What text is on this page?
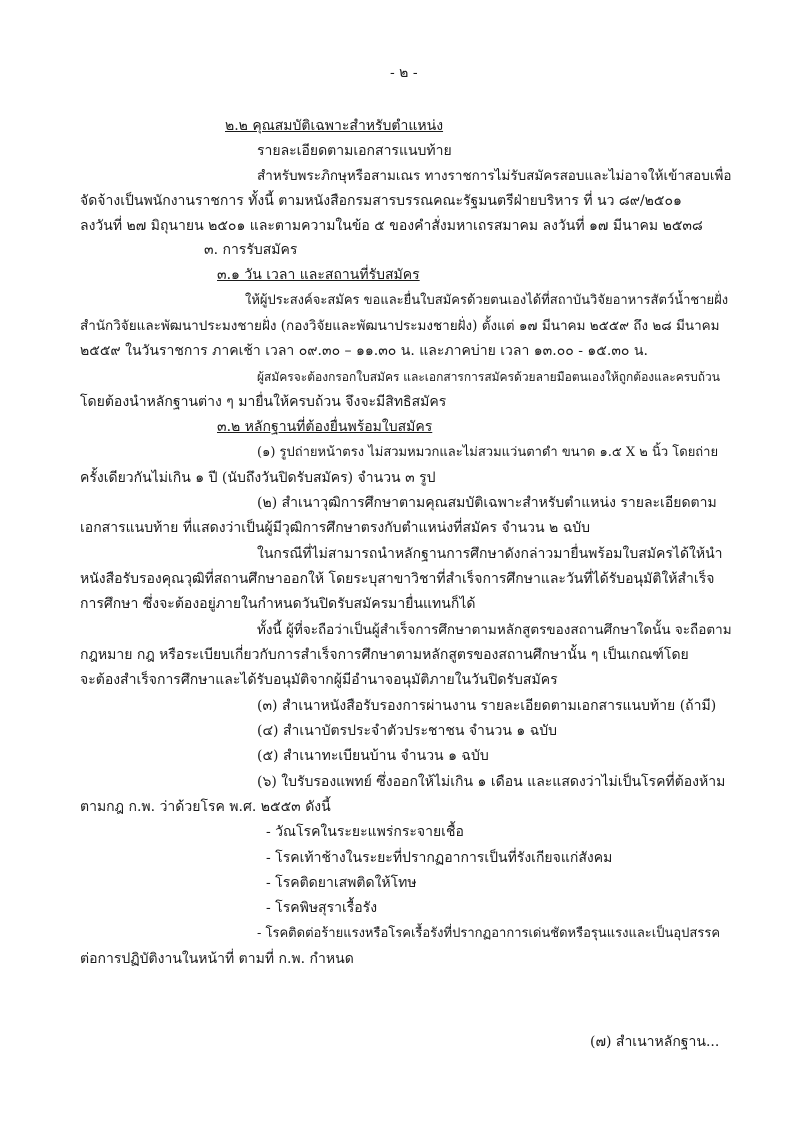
- ๒ -
๒.๒ คุณสมบัติเฉพาะสำหรับตำแหน่ง
รายละเอียดตามเอกสารแนบท้าย
สำหรับพระภิกษุหรือสามเณร ทางราชการไม่รับสมัครสอบและไม่อาจให้เข้าสอบเพื่อ
จัดจ้างเป็นพนักงานราชการ ทั้งนี้ ตามหนังสือกรมสารบรรณคณะรัฐมนตรีฝ่ายบริหาร ที่ นว ๘๙/๒๕๐๑
ลงวันที่ ๒๗ มิถุนายน ๒๕๐๑ และตามความในข้อ ๕ ของคำสั่งมหาเถรสมาคม ลงวันที่ ๑๗ มีนาคม ๒๕๓๘
๓. การรับสมัคร
๓.๑ วัน เวลา และสถานที่รับสมัคร
ให้ผู้ประสงค์จะสมัคร ขอและยื่นใบสมัครด้วยตนเองได้ที่สถาบันวิจัยอาหารสัตว์น้ำชายฝั่ง
สำนักวิจัยและพัฒนาประมงชายฝั่ง (กองวิจัยและพัฒนาประมงชายฝั่ง) ตั้งแต่ ๑๗ มีนาคม ๒๕๕๙ ถึง ๒๘ มีนาคม
๒๕๕๙ ในวันราชการ ภาคเช้า เวลา ๐๙.๓๐ – ๑๑.๓๐ น. และภาคบ่าย เวลา ๑๓.๐๐ - ๑๕.๓๐ น.
ผู้สมัครจะต้องกรอกใบสมัคร และเอกสารการสมัครด้วยลายมือตนเองให้ถูกต้องและครบถ้วน
โดยต้องนำหลักฐานต่าง ๆ มายื่นให้ครบถ้วน จึงจะมีสิทธิสมัคร
๓.๒ หลักฐานที่ต้องยื่นพร้อมใบสมัคร
(๑) รูปถ่ายหน้าตรง ไม่สวมหมวกและไม่สวมแว่นตาดำ ขนาด ๑.๕ X ๒ นิ้ว โดยถ่าย
ครั้งเดียวกันไม่เกิน ๑ ปี (นับถึงวันปิดรับสมัคร) จำนวน ๓ รูป
(๒) สำเนาวุฒิการศึกษาตามคุณสมบัติเฉพาะสำหรับตำแหน่ง รายละเอียดตาม
เอกสารแนบท้าย ที่แสดงว่าเป็นผู้มีวุฒิการศึกษาตรงกับตำแหน่งที่สมัคร จำนวน ๒ ฉบับ
ในกรณีที่ไม่สามารถนำหลักฐานการศึกษาดังกล่าวมายื่นพร้อมใบสมัครได้ให้นำ
หนังสือรับรองคุณวุฒิที่สถานศึกษาออกให้ โดยระบุสาขาวิชาที่สำเร็จการศึกษาและวันที่ได้รับอนุมัติให้สำเร็จ
การศึกษา ซึ่งจะต้องอยู่ภายในกำหนดวันปิดรับสมัครมายื่นแทนก็ได้
ทั้งนี้ ผู้ที่จะถือว่าเป็นผู้สำเร็จการศึกษาตามหลักสูตรของสถานศึกษาใดนั้น จะถือตาม
กฎหมาย กฎ หรือระเบียบเกี่ยวกับการสำเร็จการศึกษาตามหลักสูตรของสถานศึกษานั้น ๆ เป็นเกณฑ์โดย
จะต้องสำเร็จการศึกษาและได้รับอนุมัติจากผู้มีอำนาจอนุมัติภายในวันปิดรับสมัคร
(๓) สำเนาหนังสือรับรองการผ่านงาน รายละเอียดตามเอกสารแนบท้าย (ถ้ามี)
(๔) สำเนาบัตรประจำตัวประชาชน จำนวน ๑ ฉบับ
(๕) สำเนาทะเบียนบ้าน จำนวน ๑ ฉบับ
(๖) ใบรับรองแพทย์ ซึ่งออกให้ไม่เกิน ๑ เดือน และแสดงว่าไม่เป็นโรคที่ต้องห้าม
ตามกฎ ก.พ. ว่าด้วยโรค พ.ศ. ๒๕๕๓ ดังนี้
- วัณโรคในระยะแพร่กระจายเชื้อ
- โรคเท้าช้างในระยะที่ปรากฏอาการเป็นที่รังเกียจแก่สังคม
- โรคติดยาเสพติดให้โทษ
- โรคพิษสุราเรื้อรัง
- โรคติดต่อร้ายแรงหรือโรคเรื้อรังที่ปรากฏอาการเด่นชัดหรือรุนแรงและเป็นอุปสรรค
ต่อการปฏิบัติงานในหน้าที่ ตามที่ ก.พ. กำหนด
(๗) สำเนาหลักฐาน...
